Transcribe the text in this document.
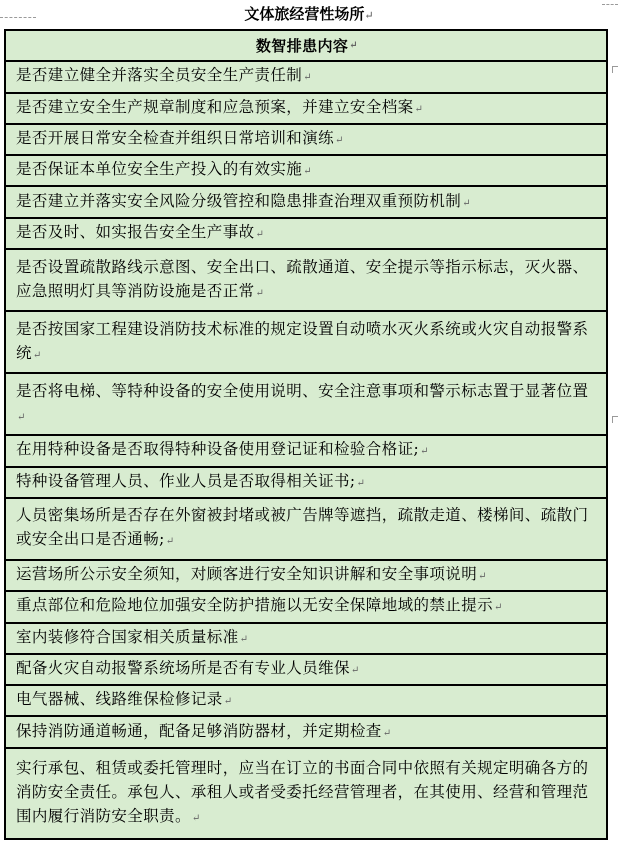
文体旅经营性场所↵
数智排患内容 ↵
是否建立健全并落实全员安全生产责任制↵
是否建立安全生产规章制度和应急预案，并建立安全档案↵
是否开展日常安全检查并组织日常培训和演练↵
是否保证本单位安全生产投入的有效实施↵
是否建立并落实安全风险分级管控和隐患排查治理双重预防机制↵
是否及时、如实报告安全生产事故↵
是否设置疏散路线示意图、安全出口、疏散通道、安全提示等指示标志，灭火器、应急照明灯具等消防设施是否正常↵
是否按国家工程建设消防技术标准的规定设置自动喷水灭火系统或火灾自动报警系统↵
是否将电梯、等特种设备的安全使用说明、安全注意事项和警示标志置于显著位置↵
在用特种设备是否取得特种设备使用登记证和检验合格证;↵
特种设备管理人员、作业人员是否取得相关证书;↵
人员密集场所是否存在外窗被封堵或被广告牌等遮挡，疏散走道、楼梯间、疏散门或安全出口是否通畅;↵
运营场所公示安全须知，对顾客进行安全知识讲解和安全事项说明↵
重点部位和危险地位加强安全防护措施以无安全保障地域的禁止提示↵
室内装修符合国家相关质量标准↵
配备火灾自动报警系统场所是否有专业人员维保↵
电气器械、线路维保检修记录↵
保持消防通道畅通，配备足够消防器材，并定期检查↵
实行承包、租赁或委托管理时，应当在订立的书面合同中依照有关规定明确各方的消防安全责任。承包人、承租人或者受委托经营管理者，在其使用、经营和管理范围内履行消防安全职责。↵
